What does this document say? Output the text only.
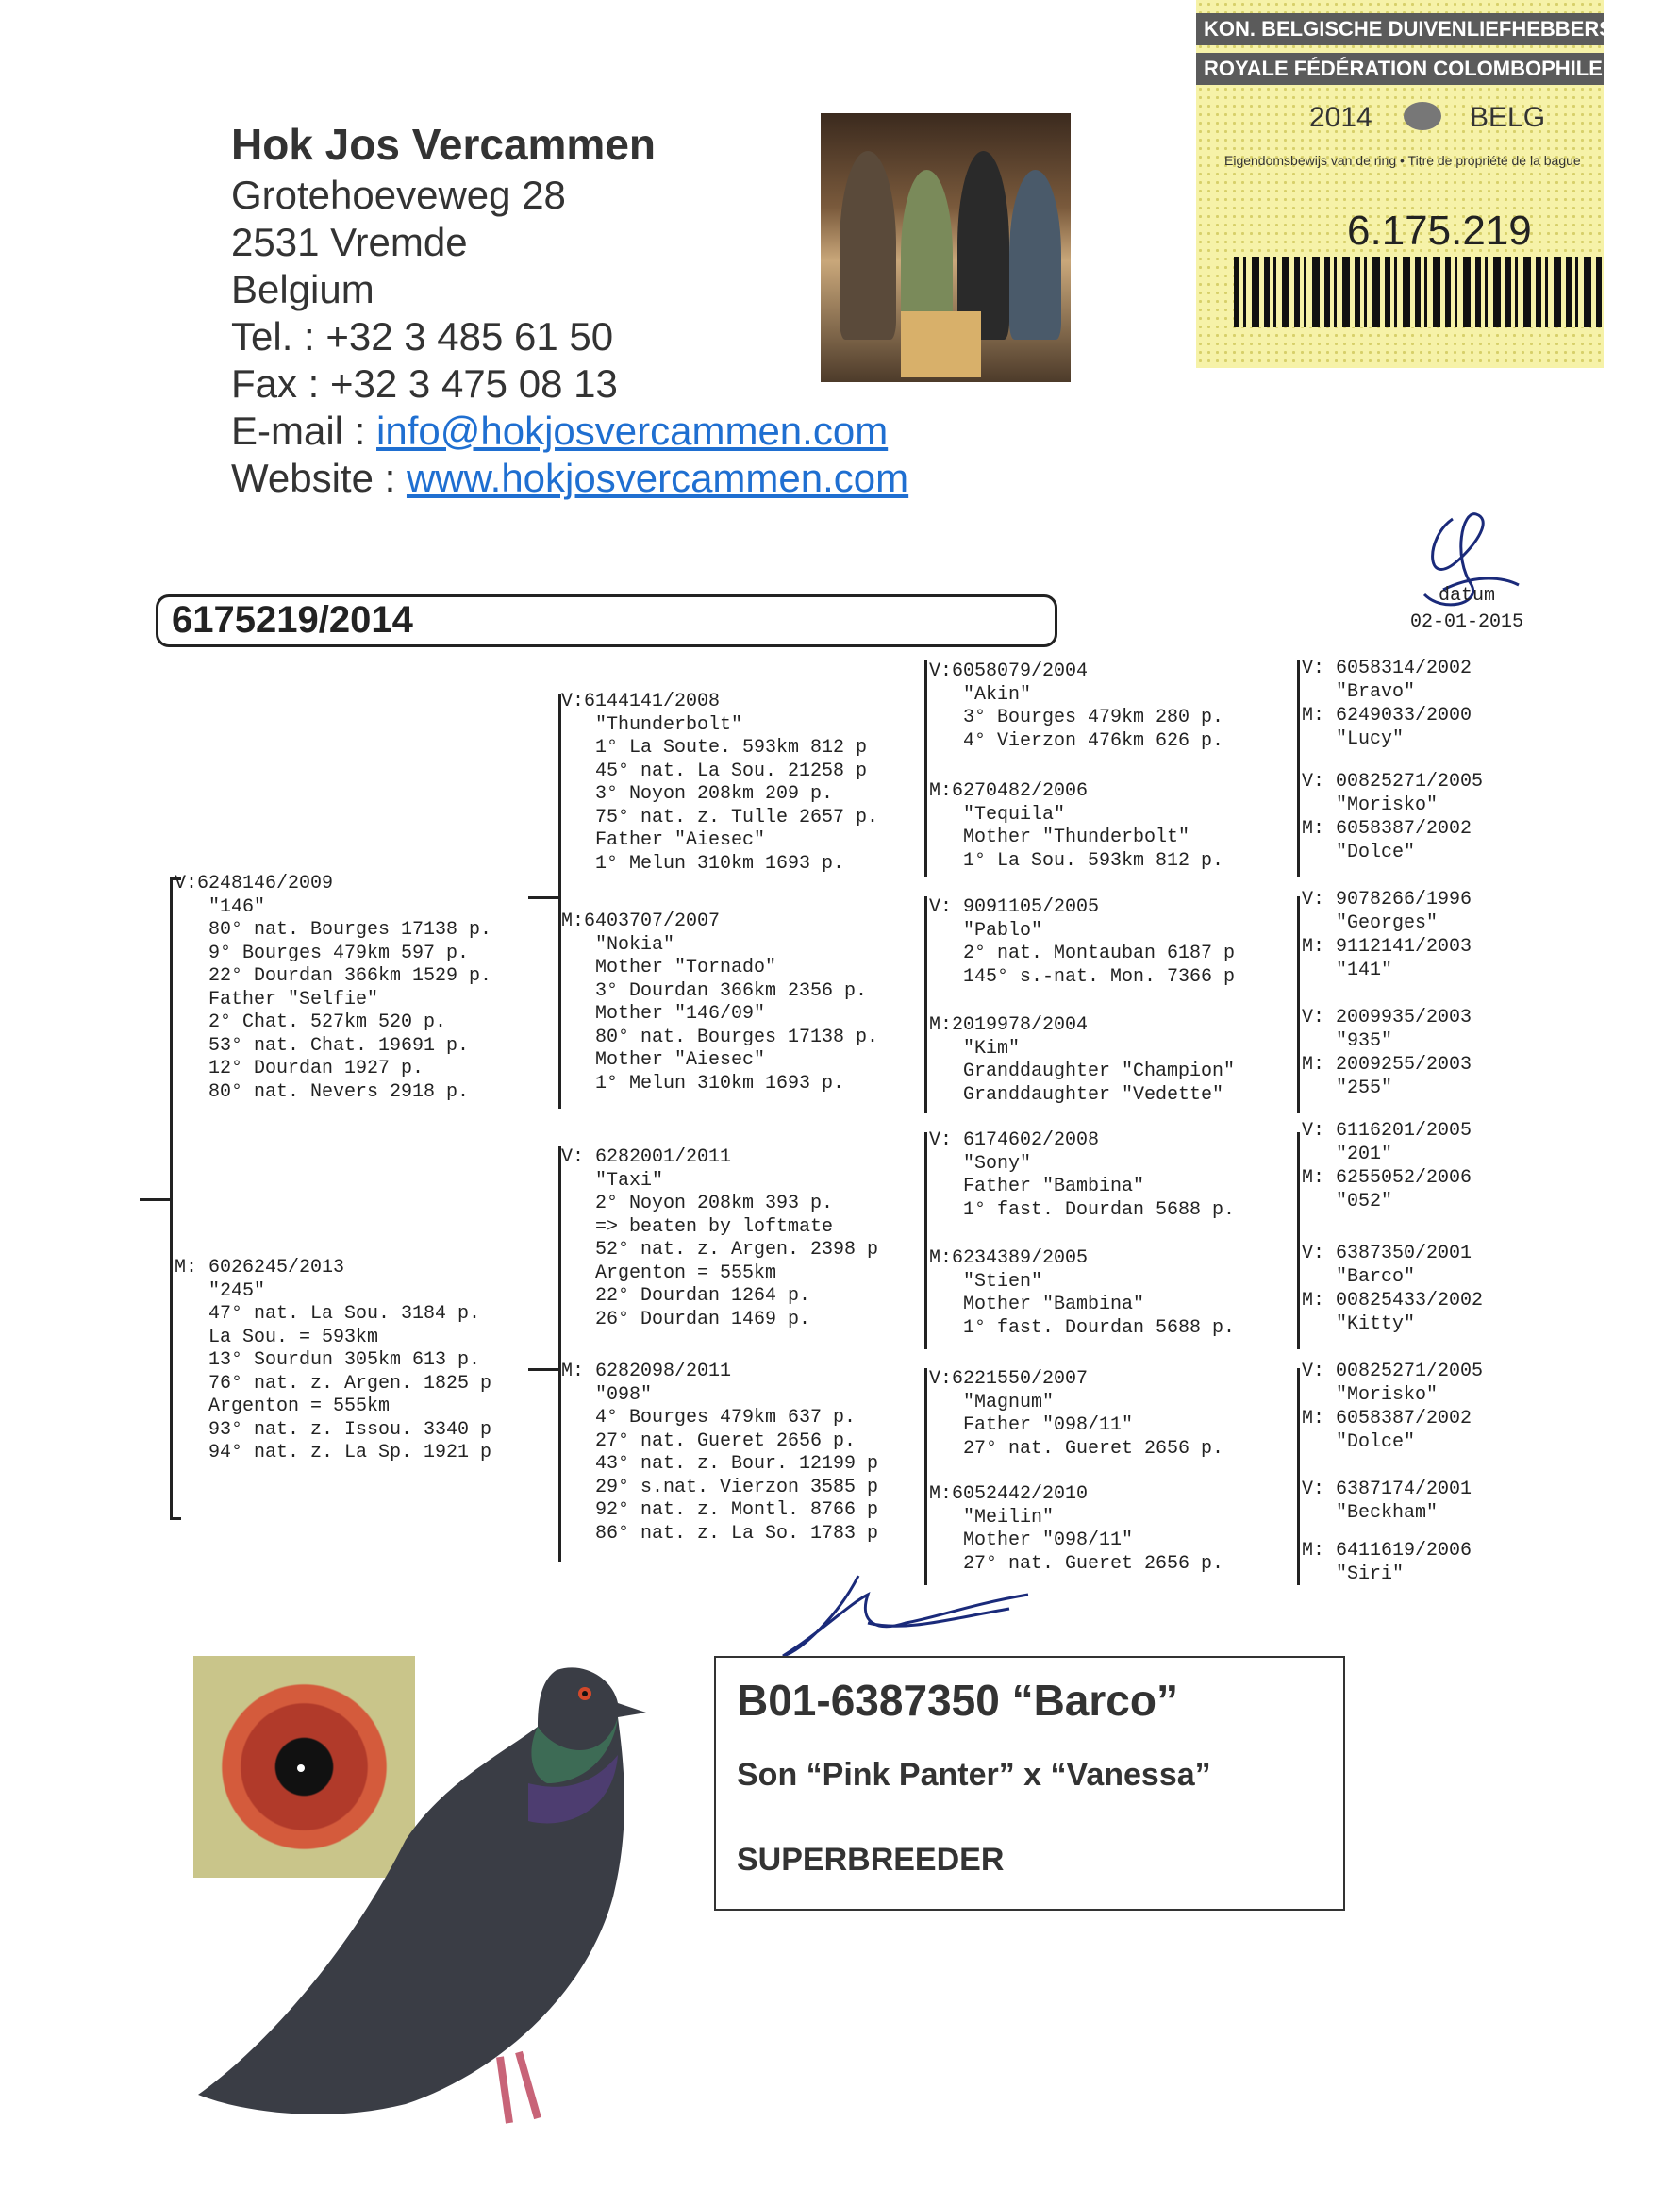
Hok Jos Vercammen
Grotehoeveweg 28
2531 Vremde
Belgium
Tel. : +32 3 485 61 50
Fax : +32 3 475 08 13
E-mail : info@hokjosvercammen.com
Website : www.hokjosvercammen.com
KON. BELGISCHE DUIVENLIEFHEBBERSBOND
ROYALE FÉDÉRATION COLOMBOPHILE BELGE
2014	BELG
Eigendomsbewijs van de ring • Titre de propriété de la bague
6.175.219
datum
02-01-2015
6175219/2014
V:6248146/2009
"146"
80° nat. Bourges 17138 p.
9° Bourges 479km 597 p.
22° Dourdan 366km 1529 p.
Father "Selfie"
2° Chat. 527km 520 p.
53° nat. Chat. 19691 p.
12° Dourdan 1927 p.
80° nat. Nevers 2918 p.
M: 6026245/2013
"245"
47° nat. La Sou. 3184 p.
La Sou. = 593km
13° Sourdun 305km 613 p.
76° nat. z. Argen. 1825 p
Argenton = 555km
93° nat. z. Issou. 3340 p
94° nat. z. La Sp. 1921 p
V:6144141/2008
"Thunderbolt"
1° La Soute. 593km 812 p
45° nat. La Sou. 21258 p
3° Noyon 208km 209 p.
75° nat. z. Tulle 2657 p.
Father "Aiesec"
1° Melun 310km 1693 p.
M:6403707/2007
"Nokia"
Mother "Tornado"
3° Dourdan 366km 2356 p.
Mother "146/09"
80° nat. Bourges 17138 p.
Mother "Aiesec"
1° Melun 310km 1693 p.
V: 6282001/2011
"Taxi"
2° Noyon 208km 393 p.
=> beaten by loftmate
52° nat. z. Argen. 2398 p
Argenton = 555km
22° Dourdan 1264 p.
26° Dourdan 1469 p.
M: 6282098/2011
"098"
4° Bourges 479km 637 p.
27° nat. Gueret 2656 p.
43° nat. z. Bour. 12199 p
29° s.nat. Vierzon 3585 p
92° nat. z. Montl. 8766 p
86° nat. z. La So. 1783 p
V:6058079/2004
"Akin"
3° Bourges 479km 280 p.
4° Vierzon 476km 626 p.
M:6270482/2006
"Tequila"
Mother "Thunderbolt"
1° La Sou. 593km 812 p.
V: 9091105/2005
"Pablo"
2° nat. Montauban 6187 p
145° s.-nat. Mon. 7366 p
M:2019978/2004
"Kim"
Granddaughter "Champion"
Granddaughter "Vedette"
V: 6174602/2008
"Sony"
Father "Bambina"
1° fast. Dourdan 5688 p.
M:6234389/2005
"Stien"
Mother "Bambina"
1° fast. Dourdan 5688 p.
V:6221550/2007
"Magnum"
Father "098/11"
27° nat. Gueret 2656 p.
M:6052442/2010
"Meilin"
Mother "098/11"
27° nat. Gueret 2656 p.
V: 6058314/2002
"Bravo"
M: 6249033/2000
"Lucy"
V: 00825271/2005
"Morisko"
M: 6058387/2002
"Dolce"
V: 9078266/1996
"Georges"
M: 9112141/2003
"141"
V: 2009935/2003
"935"
M: 2009255/2003
"255"
V: 6116201/2005
"201"
M: 6255052/2006
"052"
V: 6387350/2001
"Barco"
M: 00825433/2002
"Kitty"
V: 00825271/2005
"Morisko"
M: 6058387/2002
"Dolce"
V: 6387174/2001
"Beckham"
M: 6411619/2006
"Siri"
B01-6387350 “Barco”
Son “Pink Panter” x “Vanessa”
SUPERBREEDER
